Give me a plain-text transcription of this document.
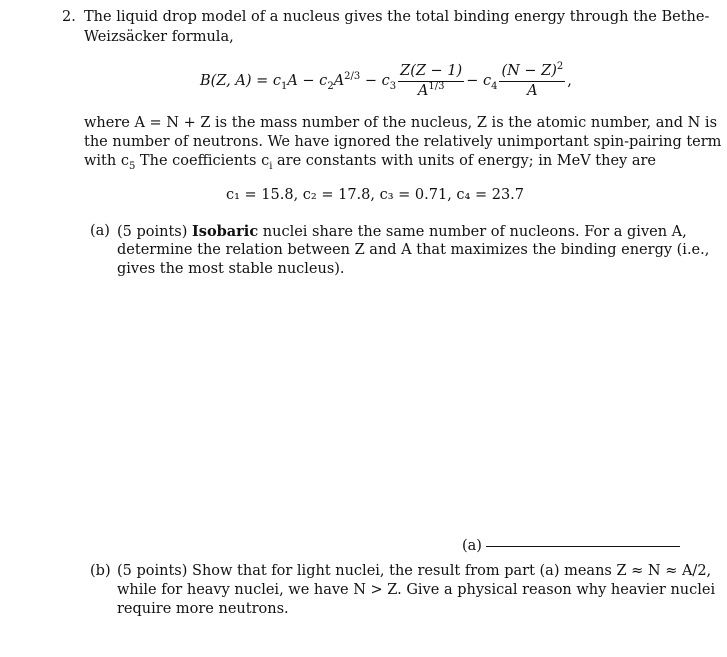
2. The liquid drop model of a nucleus gives the total binding energy through the Bethe-
Weizsäcker formula,
B(Z, $A) = c_1A - c_2A^{2/3} - c_3 \frac{Z(Z - 1)}{A^{1/3}} - c_4 \frac{(N - Z)^2}{A}$ ,
where A = N + Z is the mass number of the nucleus, Z is the atomic number, and N is
the number of neutrons. We have ignored the relatively unimportant spin-pairing term
with $c_5$ The coefficients $c_i$ are constants with units of energy; in MeV they are
c₁ = 15.8, c₂ = 17.8, c₃ = 0.71, c₄ = 23.7
(a) (5 points) Isobaric nuclei share the same number of nucleons. For a given A,
determine the relation between Z and A that maximizes the binding energy (i.e.,
gives the most stable nucleus).
(a)
(b) (5 points) Show that for light nuclei, the result from part (a) means Z ≈ N ≈ A/2,
while for heavy nuclei, we have N > Z. Give a physical reason why heavier nuclei
require more neutrons.
